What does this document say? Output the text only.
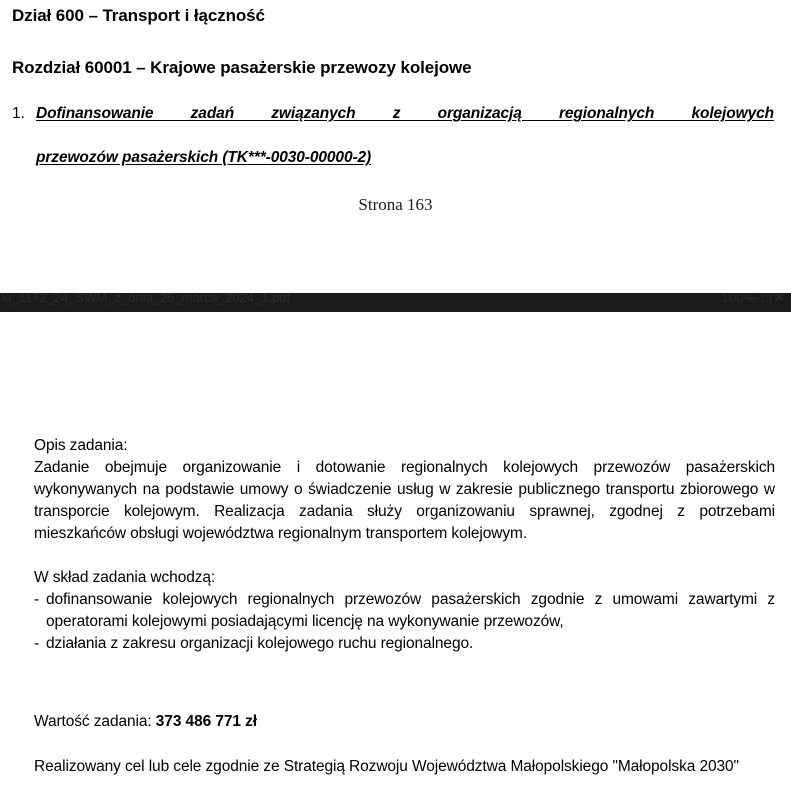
Dział 600 – Transport i łączność
Rozdział 60001 – Krajowe pasażerskie przewozy kolejowe
1. Dofinansowanie zadań związanych z organizacją regionalnych kolejowychprzewozów pasażerskich (TK***-0030-00000-2)
Strona 163
ki_1172_24_SWM_z_dnia_25_marca_2024_1.pdf	100%
— □ ✕
Opis zadania:
Zadanie obejmuje organizowanie i dotowanie regionalnych kolejowych przewozów pasażerskich wykonywanych na podstawie umowy o świadczenie usług w zakresie publicznego transportu zbiorowego w transporcie kolejowym. Realizacja zadania służy organizowaniu sprawnej, zgodnej z potrzebami mieszkańców obsługi województwa regionalnym transportem kolejowym.
W skład zadania wchodzą:
- dofinansowanie kolejowych regionalnych przewozów pasażerskich zgodnie z umowami zawartymi z operatorami kolejowymi posiadającymi licencję na wykonywanie przewozów,
- działania z zakresu organizacji kolejowego ruchu regionalnego.
Wartość zadania: 373 486 771 zł
Realizowany cel lub cele zgodnie ze Strategią Rozwoju Województwa Małopolskiego "Małopolska 2030"
